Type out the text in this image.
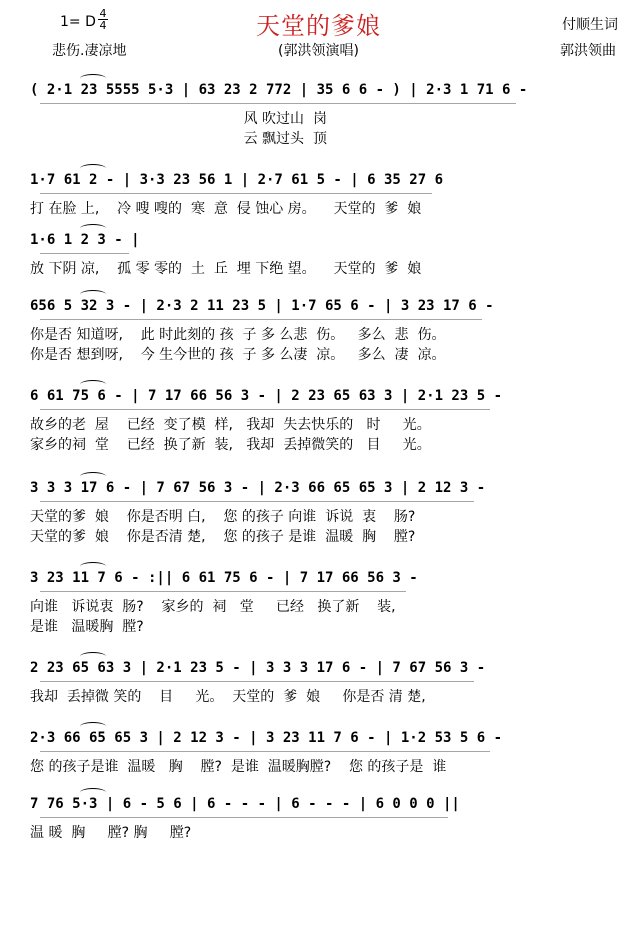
1= D
4
4
悲伤.凄凉地
天堂的爹娘
(郭洪领演唱)
付顺生词
郭洪领曲
( 2·1 23 5555 5·3 | 63 23 2 772 | 35 6 6 - ) | 2·3 1 71 6 -
风 吹过山  岗
云 飘过头  顶
1·7 61 2 - | 3·3 23 56 1 | 2·7 61 5 - | 6 35 27 6
打 在脸 上,    冷 嗖 嗖的  寒  意  侵 蚀心 房。    天堂的  爹  娘
1·6 1 2 3 - |
放 下阴 凉,    孤 零 零的  土  丘  埋 下绝 望。    天堂的  爹  娘
656 5 32 3 - | 2·3 2 11 23 5 | 1·7 65 6 - | 3 23 17 6 -
你是否 知道呀,    此 时此刻的 孩  子 多 么悲  伤。   多么  悲  伤。
你是否 想到呀,    今 生今世的 孩  子 多 么凄  凉。   多么  凄  凉。
6 61 75 6 - | 7 17 66 56 3 - | 2 23 65 63 3 | 2·1 23 5 -
故乡的老  屋    已经  变了模  样,   我却  失去快乐的   时     光。
家乡的祠  堂    已经  换了新  装,   我却  丢掉微笑的   目     光。
3 3 3 17 6 - | 7 67 56 3 - | 2·3 66 65 65 3 | 2 12 3 -
天堂的爹  娘    你是否明 白,    您 的孩子 向谁  诉说  衷    肠?
天堂的爹  娘    你是否清 楚,    您 的孩子 是谁  温暖  胸    膛?
3 23 11 7 6 - :|| 6 61 75 6 - | 7 17 66 56 3 -
向谁   诉说衷  肠?    家乡的  祠   堂     已经   换了新    装,
是谁   温暖胸  膛?
2 23 65 63 3 | 2·1 23 5 - | 3 3 3 17 6 - | 7 67 56 3 -
我却  丢掉微 笑的    目     光。  天堂的  爹  娘     你是否 清 楚,
2·3 66 65 65 3 | 2 12 3 - | 3 23 11 7 6 - | 1·2 53 5 6 -
您 的孩子是谁  温暖   胸    膛?  是谁  温暖胸膛?    您 的孩子是  谁
7 76 5·3 | 6 - 5 6 | 6 - - - | 6 - - - | 6 0 0 0 ||
温 暖  胸     膛? 胸     膛?
